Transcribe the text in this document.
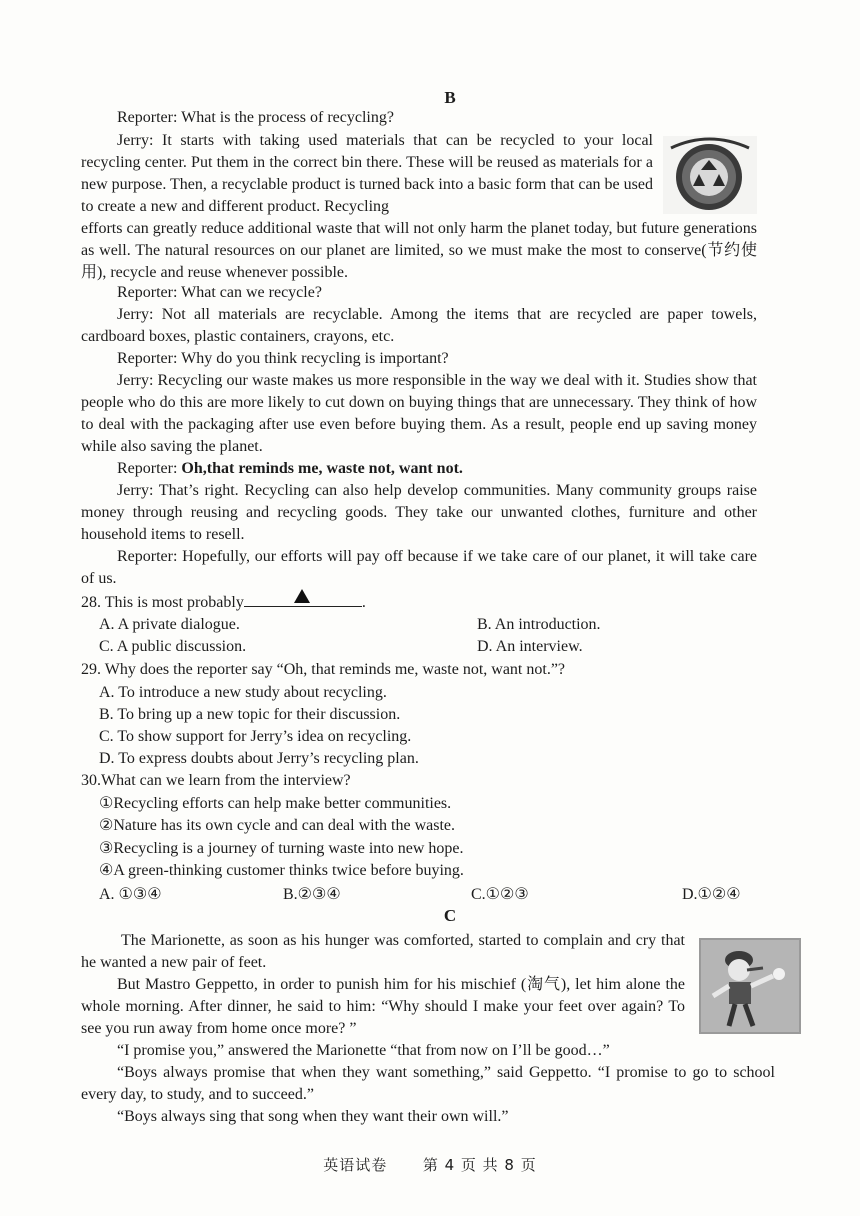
B
Reporter: What is the process of recycling?
Jerry: It starts with taking used materials that can be recycled to your local recycling center. Put them in the correct bin there. These will be reused as materials for a new purpose. Then, a recyclable product is turned back into a basic form that can be used to create a new and different product. Recycling
efforts can greatly reduce additional waste that will not only harm the planet today, but future generations as well. The natural resources on our planet are limited, so we must make the most to conserve(节约使用), recycle and reuse whenever possible.
Reporter: What can we recycle?
Jerry: Not all materials are recyclable. Among the items that are recycled are paper towels, cardboard boxes, plastic containers, crayons, etc.
Reporter: Why do you think recycling is important?
Jerry: Recycling our waste makes us more responsible in the way we deal with it. Studies show that people who do this are more likely to cut down on buying things that are unnecessary. They think of how to deal with the packaging after use even before buying them. As a result, people end up saving money while also saving the planet.
Reporter: Oh,that reminds me, waste not, want not.
Jerry: That’s right. Recycling can also help develop communities. Many community groups raise money through reusing and recycling goods. They take our unwanted clothes, furniture and other household items to resell.
Reporter: Hopefully, our efforts will pay off because if we take care of our planet, it will take care of us.
28. This is most probably	.
A. A private dialogue.	B. An introduction.
C. A public discussion.	D. An interview.
29. Why does the reporter say “Oh, that reminds me, waste not, want not.”?
A. To introduce a new study about recycling.
B. To bring up a new topic for their discussion.
C. To show support for Jerry’s idea on recycling.
D. To express doubts about Jerry’s recycling plan.
30.What can we learn from the interview?
①Recycling efforts can help make better communities.
②Nature has its own cycle and can deal with the waste.
③Recycling is a journey of turning waste into new hope.
④A green-thinking customer thinks twice before buying.
A. ①③④	B.②③④	C.①②③	D.①②④
C
The Marionette, as soon as his hunger was comforted, started to complain and cry that he wanted a new pair of feet.
But Mastro Geppetto, in order to punish him for his mischief (淘气), let him alone the whole morning. After dinner, he said to him: “Why should I make your feet over again? To see you run away from home once more? ”
“I promise you,” answered the Marionette “that from now on I’ll be good…”
“Boys always promise that when they want something,” said Geppetto. “I promise to go to school every day, to study, and to succeed.”
“Boys always sing that song when they want their own will.”
英语试卷 第 4 页 共 8 页
